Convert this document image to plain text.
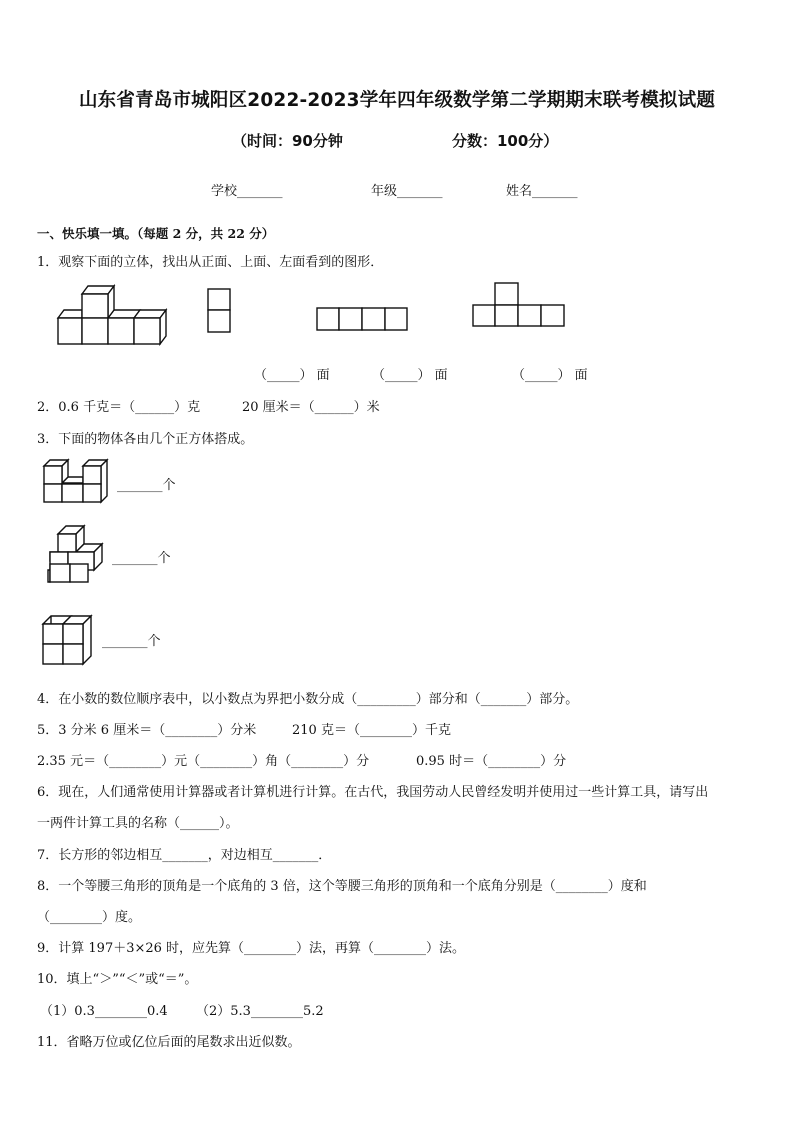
山东省青岛市城阳区2022-2023学年四年级数学第二学期期末联考模拟试题
（时间：90分钟	分数：100分）
学校_______	年级_______	姓名_______
一、快乐填一填。（每题 2 分，共 22 分）
1．观察下面的立体，找出从正面、上面、左面看到的图形．
（_____） 面	（_____） 面	（_____） 面
2．0.6 千克＝（______）克	20 厘米＝（______）米
3．下面的物体各由几个正方体搭成。
_______个
_______个
_______个
4．在小数的数位顺序表中，以小数点为界把小数分成（_________）部分和（_______）部分。
5．3 分米 6 厘米＝（________）分米	210 克＝（________）千克
2.35 元＝（________）元（________）角（________）分	0.95 时＝（________）分
6．现在，人们通常使用计算器或者计算机进行计算。在古代，我国劳动人民曾经发明并使用过一些计算工具，请写出
一两件计算工具的名称（______）。
7．长方形的邻边相互_______，对边相互_______．
8．一个等腰三角形的顶角是一个底角的 3 倍，这个等腰三角形的顶角和一个底角分别是（________）度和
（________）度。
9．计算 197＋3×26 时，应先算（________）法，再算（________）法。
10．填上“＞”“＜”或“＝”。
（1）0.3________0.4 （2）5.3________5.2
11．省略万位或亿位后面的尾数求出近似数。
